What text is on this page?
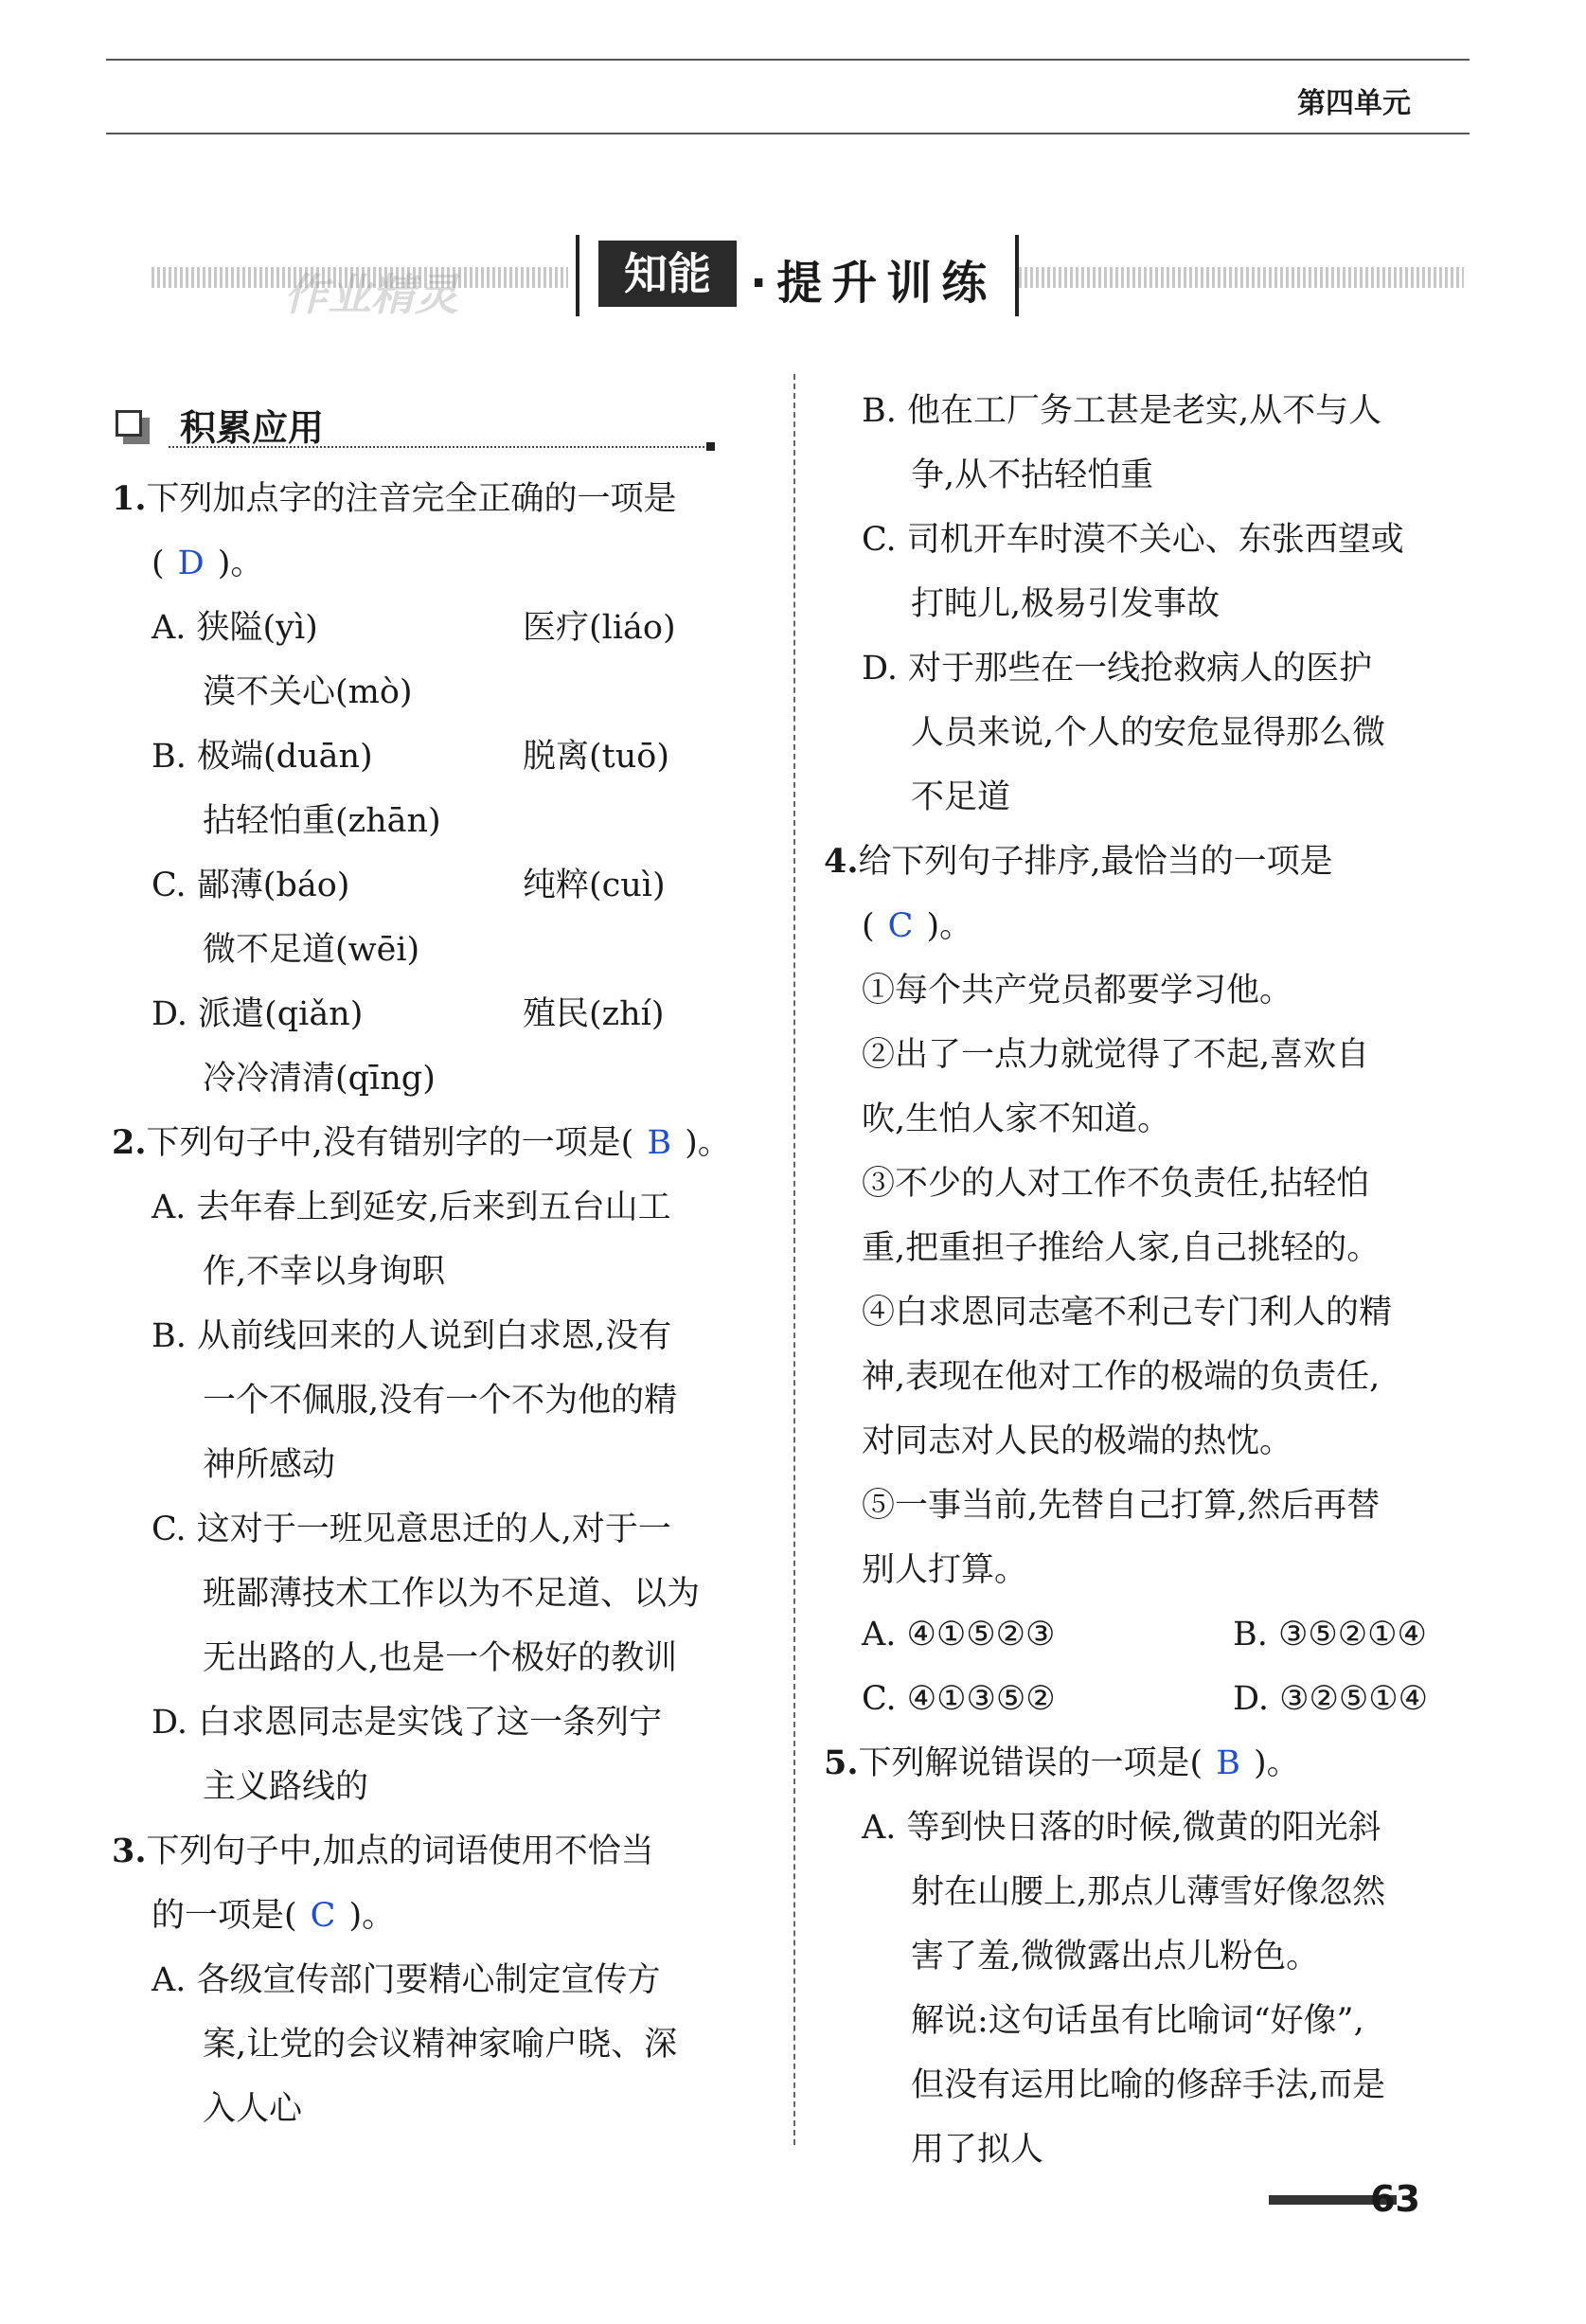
第四单元
作业精灵	知能 ·提升训练
积累应用
1.下列加点字的注音完全正确的一项是
( D )。
A. 狭隘(yì)	医疗(liáo)
漠不关心(mò)
B. 极端(duān)	脱离(tuō)
拈轻怕重(zhān)
C. 鄙薄(báo)	纯粹(cuì)
微不足道(wēi)
D. 派遣(qiǎn)	殖民(zhí)
冷冷清清(qīng)
2.下列句子中,没有错别字的一项是( B )。
A. 去年春上到延安,后来到五台山工
作,不幸以身询职
B. 从前线回来的人说到白求恩,没有
一个不佩服,没有一个不为他的精
神所感动
C. 这对于一班见意思迁的人,对于一
班鄙薄技术工作以为不足道、以为
无出路的人,也是一个极好的教训
D. 白求恩同志是实饯了这一条列宁
主义路线的
3.下列句子中,加点的词语使用不恰当
的一项是( C )。
A. 各级宣传部门要精心制定宣传方
案,让党的会议精神家喻户晓、深
入人心
B. 他在工厂务工甚是老实,从不与人
争,从不拈轻怕重
C. 司机开车时漠不关心、东张西望或
打盹儿,极易引发事故
D. 对于那些在一线抢救病人的医护
人员来说,个人的安危显得那么微
不足道
4.给下列句子排序,最恰当的一项是
( C )。
①每个共产党员都要学习他。
②出了一点力就觉得了不起,喜欢自
吹,生怕人家不知道。
③不少的人对工作不负责任,拈轻怕
重,把重担子推给人家,自己挑轻的。
④白求恩同志毫不利己专门利人的精
神,表现在他对工作的极端的负责任,
对同志对人民的极端的热忱。
⑤一事当前,先替自己打算,然后再替
别人打算。
A. ④①⑤②③	B. ③⑤②①④
C. ④①③⑤②	D. ③②⑤①④
5.下列解说错误的一项是( B )。
A. 等到快日落的时候,微黄的阳光斜
射在山腰上,那点儿薄雪好像忽然
害了羞,微微露出点儿粉色。
解说:这句话虽有比喻词“好像”,
但没有运用比喻的修辞手法,而是
用了拟人
63
